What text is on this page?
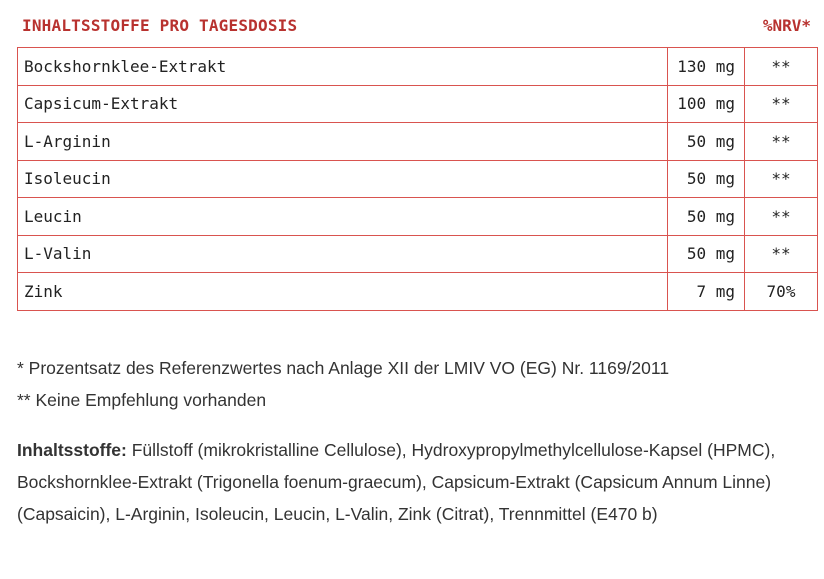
INHALTSSTOFFE PRO TAGESDOSIS	%NRV*
Bockshornklee-Extrakt	130 mg	**
Capsicum-Extrakt	100 mg	**
L-Arginin	50 mg	**
Isoleucin	50 mg	**
Leucin	50 mg	**
L-Valin	50 mg	**
Zink	7 mg	70%
* Prozentsatz des Referenzwertes nach Anlage XII der LMIV VO (EG) Nr. 1169/2011
** Keine Empfehlung vorhanden
Inhaltsstoffe: Füllstoff (mikrokristalline Cellulose), Hydroxypropylmethylcellulose-Kapsel (HPMC), Bockshornklee-Extrakt (Trigonella foenum-graecum), Capsicum-Extrakt (Capsicum Annum Linne) (Capsaicin), L-Arginin, Isoleucin, Leucin, L-Valin, Zink (Citrat), Trennmittel (E470 b)
